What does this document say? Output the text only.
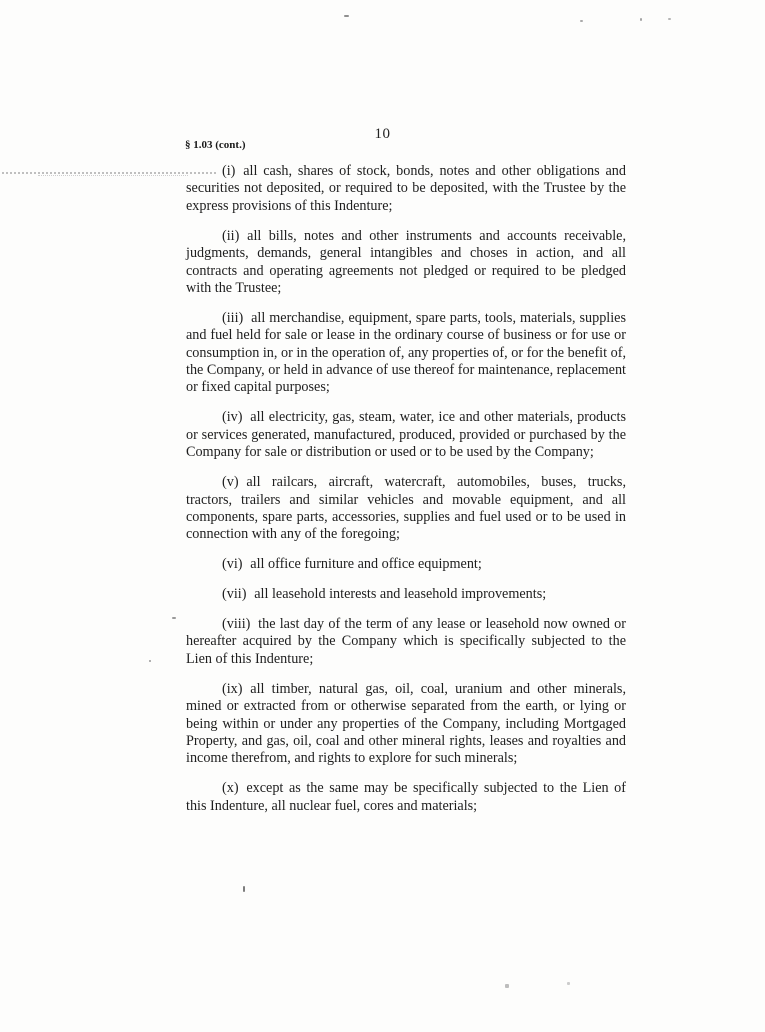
10
§ 1.03 (cont.)

(i) all cash, shares of stock, bonds, notes and other obligations and securities not deposited, or required to be deposited, with the Trustee by the express provisions of this Indenture;

(ii) all bills, notes and other instruments and accounts receivable, judgments, demands, general intangibles and choses in action, and all contracts and operating agreements not pledged or required to be pledged with the Trustee;

(iii) all merchandise, equipment, spare parts, tools, materials, supplies and fuel held for sale or lease in the ordinary course of business or for use or consumption in, or in the operation of, any properties of, or for the benefit of, the Company, or held in advance of use thereof for maintenance, replacement or fixed capital purposes;

(iv) all electricity, gas, steam, water, ice and other materials, products or services generated, manufactured, produced, provided or purchased by the Company for sale or distribution or used or to be used by the Company;

(v) all railcars, aircraft, watercraft, automobiles, buses, trucks, tractors, trailers and similar vehicles and movable equipment, and all components, spare parts, accessories, supplies and fuel used or to be used in connection with any of the foregoing;

(vi) all office furniture and office equipment;

(vii) all leasehold interests and leasehold improvements;

(viii) the last day of the term of any lease or leasehold now owned or hereafter acquired by the Company which is specifically subjected to the Lien of this Indenture;

(ix) all timber, natural gas, oil, coal, uranium and other minerals, mined or extracted from or otherwise separated from the earth, or lying or being within or under any properties of the Company, including Mortgaged Property, and gas, oil, coal and other mineral rights, leases and royalties and income therefrom, and rights to explore for such minerals;

(x) except as the same may be specifically subjected to the Lien of this Indenture, all nuclear fuel, cores and materials;
